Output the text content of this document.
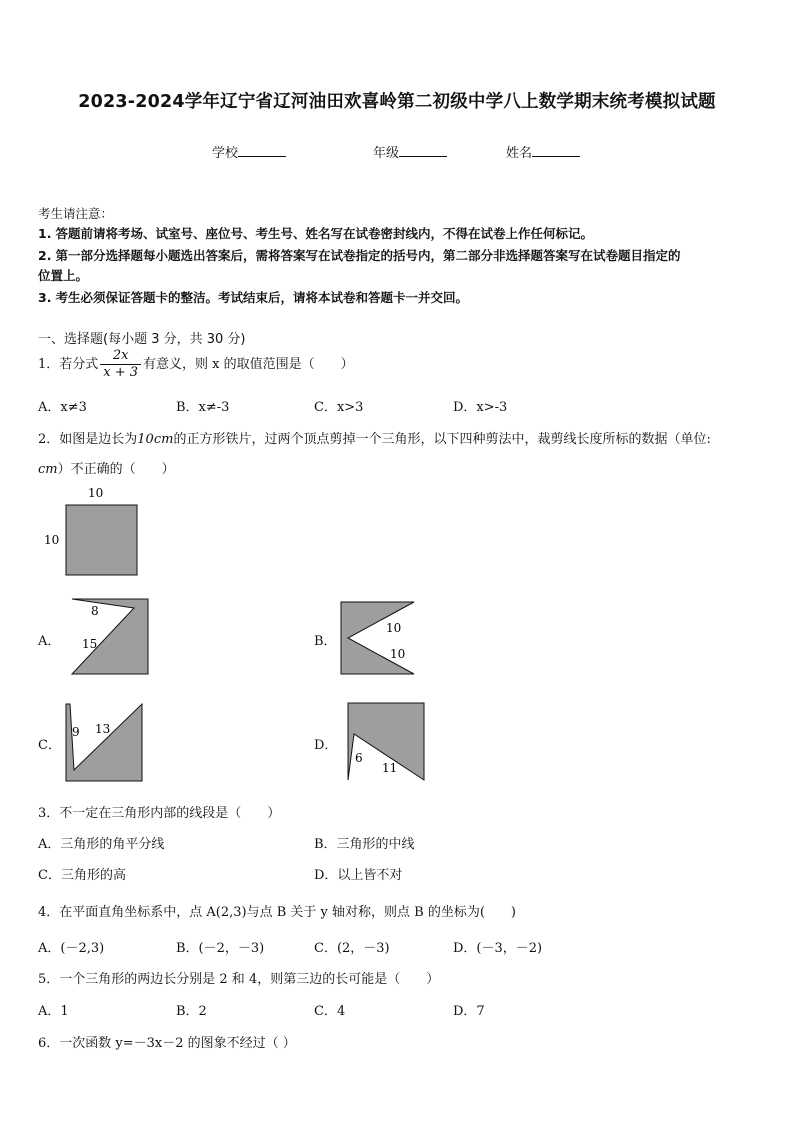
2023-2024学年辽宁省辽河油田欢喜岭第二初级中学八上数学期末统考模拟试题
学校	年级	姓名
考生请注意：
1. 答题前请将考场、试室号、座位号、考生号、姓名写在试卷密封线内，不得在试卷上作任何标记。
2. 第一部分选择题每小题选出答案后，需将答案写在试卷指定的括号内，第二部分非选择题答案写在试卷题目指定的
位置上。
3. 考生必须保证答题卡的整洁。考试结束后，请将本试卷和答题卡一并交回。
一、选择题(每小题 3 分，共 30 分)
1．若分式 $\frac{2x}{x + 3}$ 有意义，则 x 的取值范围是（　　）
A．x≠3	B．x≠-3	C．x>3	D．x>-3
2．如图是边长为10cm的正方形铁片，过两个顶点剪掉一个三角形，以下四种剪法中，裁剪线长度所标的数据（单位:
cm）不正确的（　　）
10
10
A．
8
15	B．
10
10
C．
9 13
D．
6
11
3．不一定在三角形内部的线段是（　　）
A．三角形的角平分线	B．三角形的中线
C．三角形的高	D．以上皆不对
4．在平面直角坐标系中，点 A(2,3)与点 B 关于 y 轴对称，则点 B 的坐标为(　　)
A．(－2,3)	B．(－2，－3)	C．(2，－3)	D．(－3，－2)
5．一个三角形的两边长分别是 2 和 4，则第三边的长可能是（　　）
A．1	B．2	C．4	D．7
6．一次函数 y=－3x－2 的图象不经过（ ）
